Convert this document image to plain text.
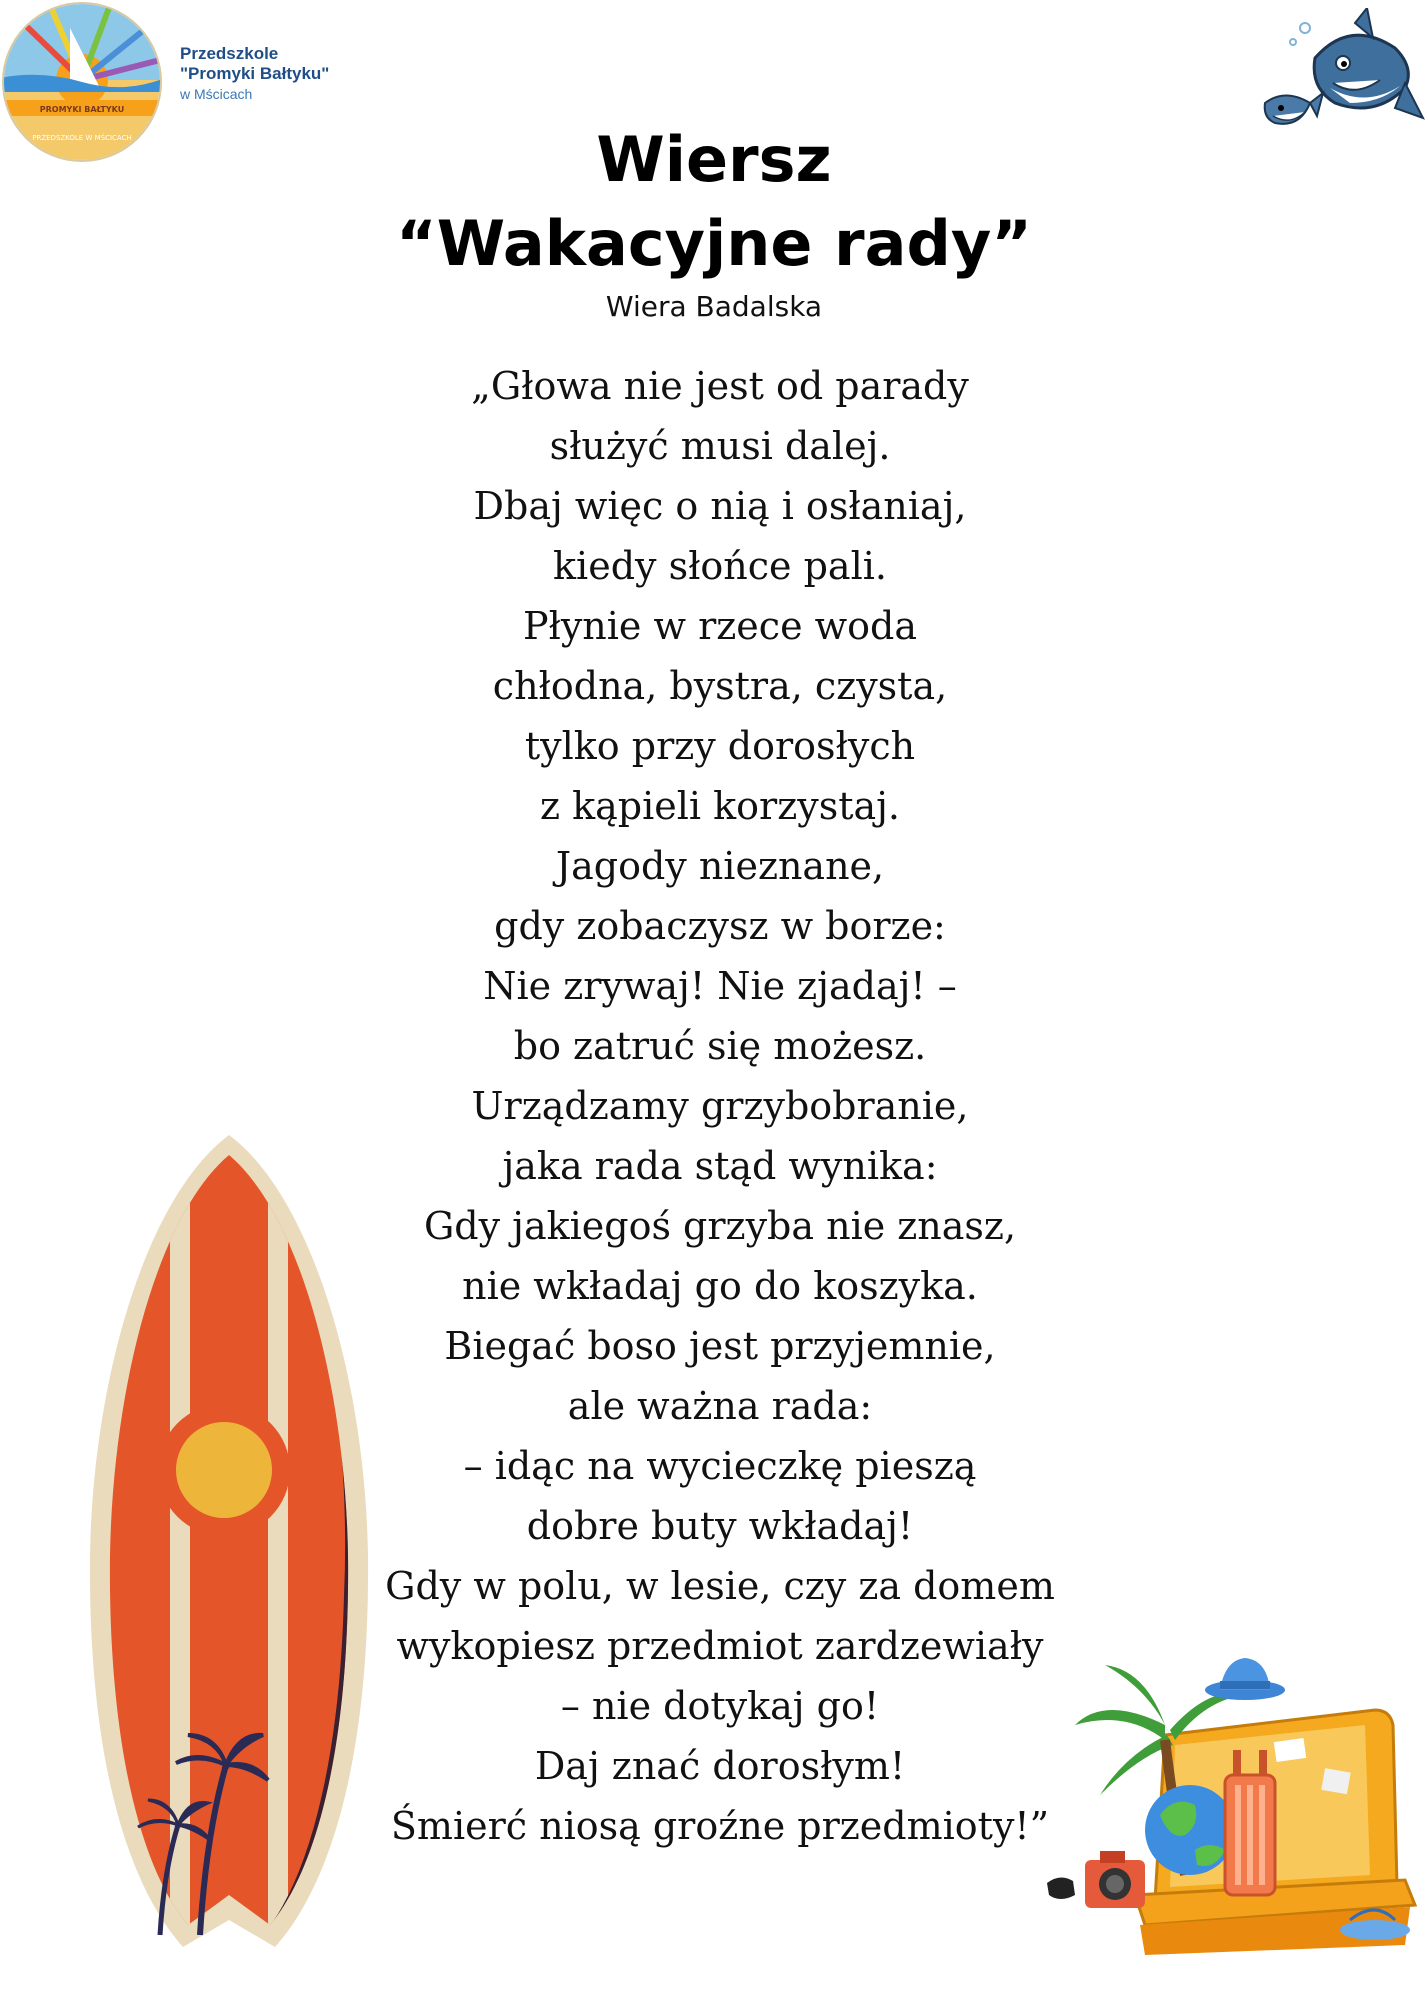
PROMYKI BAŁTYKU
PRZEDSZKOLE W MŚCICACH
Przedszkole
"Promyki Bałtyku"
w Mścicach
Wiersz
“Wakacyjne rady”
Wiera Badalska
„Głowa nie jest od parady
służyć musi dalej.
Dbaj więc o nią i osłaniaj,
kiedy słońce pali.
Płynie w rzece woda
chłodna, bystra, czysta,
tylko przy dorosłych
z kąpieli korzystaj.
Jagody nieznane,
gdy zobaczysz w borze:
Nie zrywaj! Nie zjadaj! –
bo zatruć się możesz.
Urządzamy grzybobranie,
jaka rada stąd wynika:
Gdy jakiegoś grzyba nie znasz,
nie wkładaj go do koszyka.
Biegać boso jest przyjemnie,
ale ważna rada:
– idąc na wycieczkę pieszą
dobre buty wkładaj!
Gdy w polu, w lesie, czy za domem
wykopiesz przedmiot zardzewiały
– nie dotykaj go!
Daj znać dorosłym!
Śmierć niosą groźne przedmioty!”
